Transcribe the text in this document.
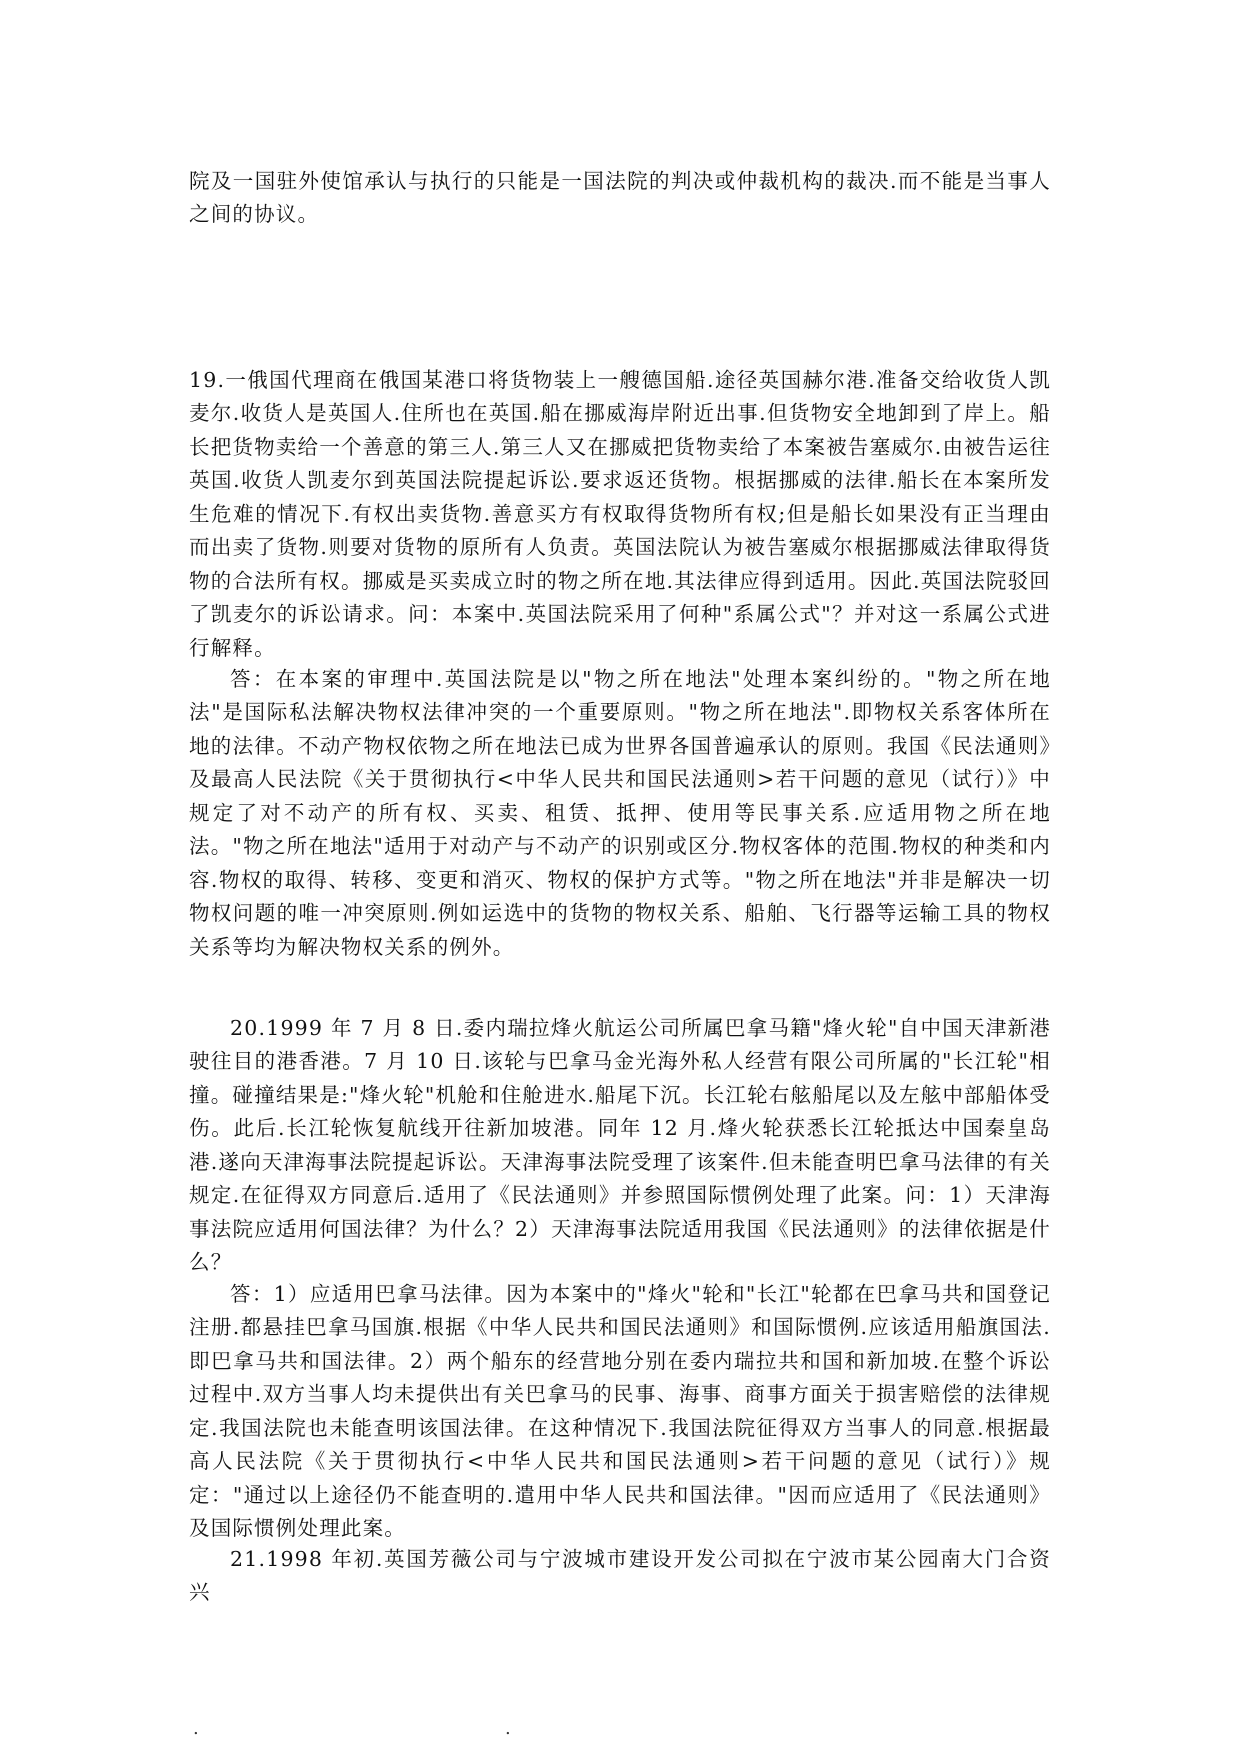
院及一国驻外使馆承认与执行的只能是一国法院的判决或仲裁机构的裁决.而不能是当事人之间的协议。

19.一俄国代理商在俄国某港口将货物装上一艘德国船.途径英国赫尔港.准备交给收货人凯麦尔.收货人是英国人.住所也在英国.船在挪威海岸附近出事.但货物安全地卸到了岸上。船长把货物卖给一个善意的第三人.第三人又在挪威把货物卖给了本案被告塞威尔.由被告运往英国.收货人凯麦尔到英国法院提起诉讼.要求返还货物。根据挪威的法律.船长在本案所发生危难的情况下.有权出卖货物.善意买方有权取得货物所有权;但是船长如果没有正当理由而出卖了货物.则要对货物的原所有人负责。英国法院认为被告塞威尔根据挪威法律取得货物的合法所有权。挪威是买卖成立时的物之所在地.其法律应得到适用。因此.英国法院驳回了凯麦尔的诉讼请求。问：本案中.英国法院采用了何种"系属公式"？并对这一系属公式进行解释。

答：在本案的审理中.英国法院是以"物之所在地法"处理本案纠纷的。"物之所在地法"是国际私法解决物权法律冲突的一个重要原则。"物之所在地法".即物权关系客体所在地的法律。不动产物权依物之所在地法已成为世界各国普遍承认的原则。我国《民法通则》及最高人民法院《关于贯彻执行<中华人民共和国民法通则>若干问题的意见（试行）》中规定了对不动产的所有权、买卖、租赁、抵押、使用等民事关系.应适用物之所在地法。"物之所在地法"适用于对动产与不动产的识别或区分.物权客体的范围.物权的种类和内容.物权的取得、转移、变更和消灭、物权的保护方式等。"物之所在地法"并非是解决一切物权问题的唯一冲突原则.例如运选中的货物的物权关系、船舶、飞行器等运输工具的物权关系等均为解决物权关系的例外。

20.1999 年 7 月 8 日.委内瑞拉烽火航运公司所属巴拿马籍"烽火轮"自中国天津新港驶往目的港香港。7 月 10 日.该轮与巴拿马金光海外私人经营有限公司所属的"长江轮"相撞。碰撞结果是:"烽火轮"机舱和住舱进水.船尾下沉。长江轮右舷船尾以及左舷中部船体受伤。此后.长江轮恢复航线开往新加坡港。同年 12 月.烽火轮获悉长江轮抵达中国秦皇岛港.遂向天津海事法院提起诉讼。天津海事法院受理了该案件.但未能查明巴拿马法律的有关规定.在征得双方同意后.适用了《民法通则》并参照国际惯例处理了此案。问：1）天津海事法院应适用何国法律？为什么？2）天津海事法院适用我国《民法通则》的法律依据是什么？

答：1）应适用巴拿马法律。因为本案中的"烽火"轮和"长江"轮都在巴拿马共和国登记注册.都悬挂巴拿马国旗.根据《中华人民共和国民法通则》和国际惯例.应该适用船旗国法.即巴拿马共和国法律。2）两个船东的经营地分别在委内瑞拉共和国和新加坡.在整个诉讼过程中.双方当事人均未提供出有关巴拿马的民事、海事、商事方面关于损害赔偿的法律规定.我国法院也未能查明该国法律。在这种情况下.我国法院征得双方当事人的同意.根据最高人民法院《关于贯彻执行<中华人民共和国民法通则>若干问题的意见（试行）》规定："通过以上途径仍不能查明的.遣用中华人民共和国法律。"因而应适用了《民法通则》及国际惯例处理此案。

21.1998 年初.英国芳薇公司与宁波城市建设开发公司拟在宁波市某公园南大门合资兴

.	.
